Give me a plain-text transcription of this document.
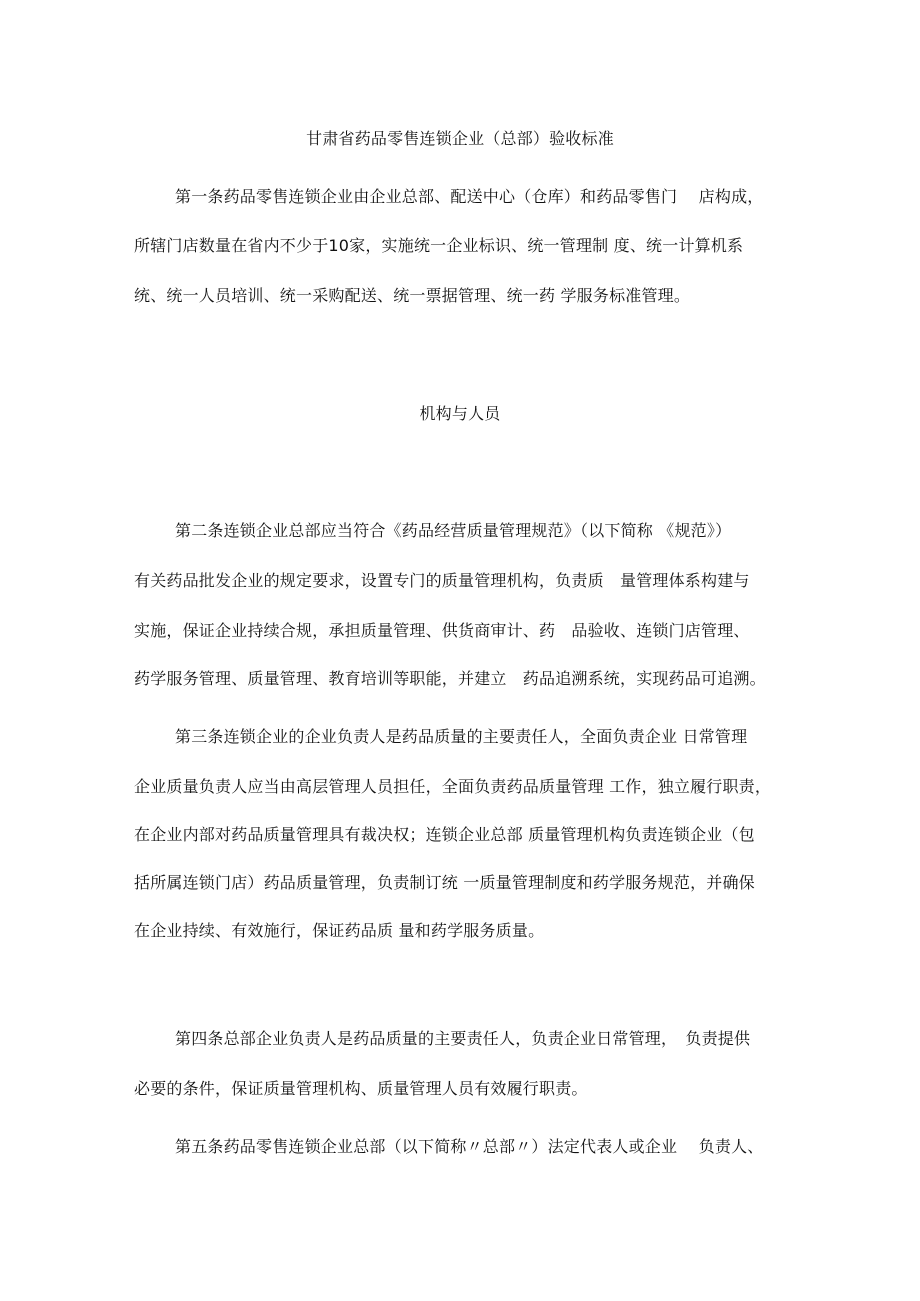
甘肃省药品零售连锁企业（总部）验收标准
第一条药品零售连锁企业由企业总部、配送中心（仓库）和药品零售门　 店构成，
所辖门店数量在省内不少于10家，实施统一企业标识、统一管理制 度、统一计算机系
统、统一人员培训、统一采购配送、统一票据管理、统一药 学服务标准管理。
机构与人员
第二条连锁企业总部应当符合《药品经营质量管理规范》（以下简称 《规范》）
有关药品批发企业的规定要求，设置专门的质量管理机构，负责质　量管理体系构建与
实施，保证企业持续合规，承担质量管理、供货商审计、药　品验收、连锁门店管理、
药学服务管理、质量管理、教育培训等职能，并建立　药品追溯系统，实现药品可追溯。
第三条连锁企业的企业负责人是药品质量的主要责任人，全面负责企业 日常管理
企业质量负责人应当由高层管理人员担任，全面负责药品质量管理 工作，独立履行职责，
在企业内部对药品质量管理具有裁决权；连锁企业总部 质量管理机构负责连锁企业（包
括所属连锁门店）药品质量管理，负责制订统 一质量管理制度和药学服务规范，并确保
在企业持续、有效施行，保证药品质 量和药学服务质量。
第四条总部企业负责人是药品质量的主要责任人，负责企业日常管理，　负责提供
必要的条件，保证质量管理机构、质量管理人员有效履行职责。
第五条药品零售连锁企业总部（以下简称〃总部〃）法定代表人或企业　 负责人、
